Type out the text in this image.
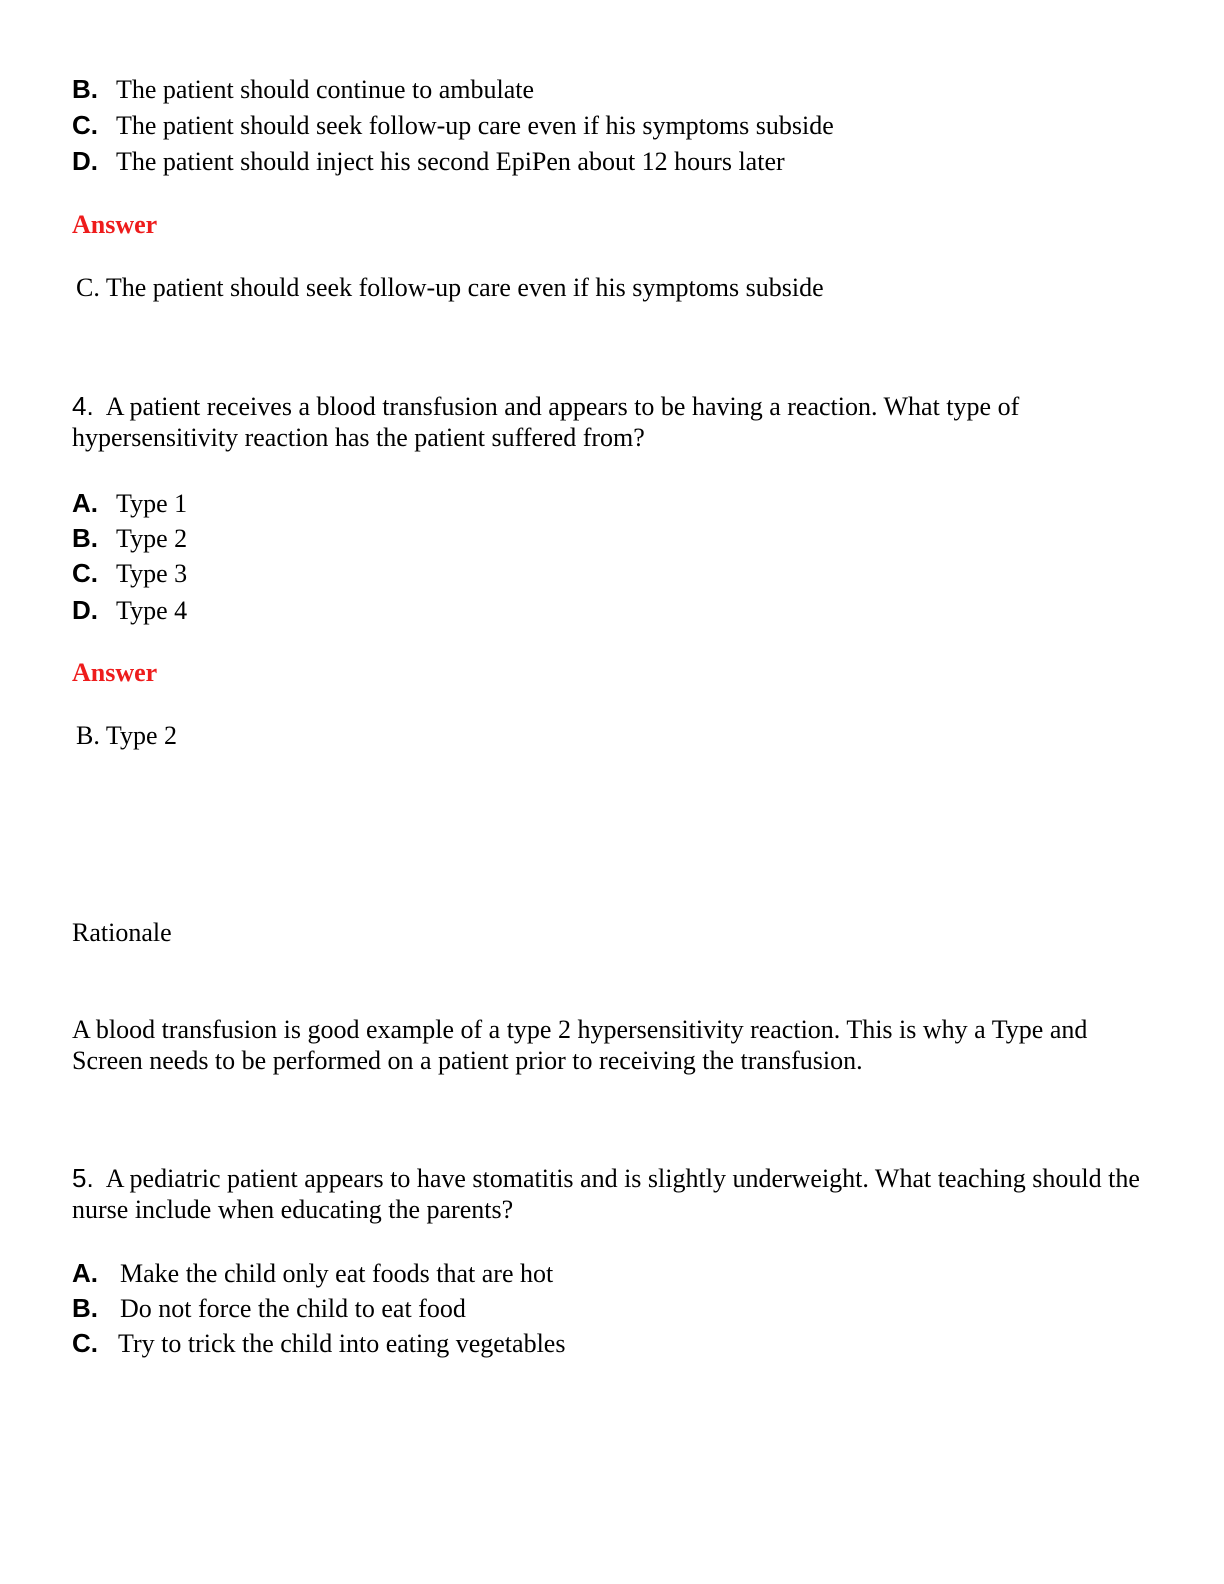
B. The patient should continue to ambulate
C. The patient should seek follow-up care even if his symptoms subside
D. The patient should inject his second EpiPen about 12 hours later
Answer
C. The patient should seek follow-up care even if his symptoms subside
4. A patient receives a blood transfusion and appears to be having a reaction. What type of hypersensitivity reaction has the patient suffered from?
A. Type 1
B. Type 2
C. Type 3
D. Type 4
Answer
B. Type 2
Rationale
A blood transfusion is good example of a type 2 hypersensitivity reaction. This is why a Type and Screen needs to be performed on a patient prior to receiving the transfusion.
5. A pediatric patient appears to have stomatitis and is slightly underweight. What teaching should the nurse include when educating the parents?
A. Make the child only eat foods that are hot
B. Do not force the child to eat food
C. Try to trick the child into eating vegetables
